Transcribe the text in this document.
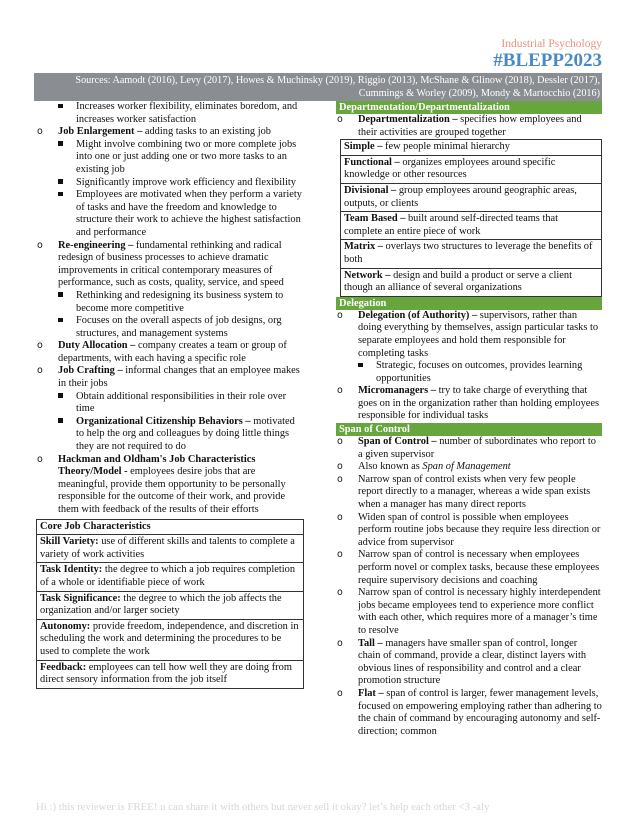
Industrial Psychology
#BLEPP2023
Sources: Aamodt (2016), Levy (2017), Howes & Muchinsky (2019), Riggio (2013), McShane & Glinow (2018), Dessler (2017), Cummings & Worley (2009), Mondy & Martocchio (2016)
Increases worker flexibility, eliminates boredom, and increases worker satisfaction
o Job Enlargement – adding tasks to an existing job
Might involve combining two or more complete jobs into one or just adding one or two more tasks to an existing job
Significantly improve work efficiency and flexibility
Employees are motivated when they perform a variety of tasks and have the freedom and knowledge to structure their work to achieve the highest satisfaction and performance
o Re-engineering – fundamental rethinking and radical redesign of business processes to achieve dramatic improvements in critical contemporary measures of performance, such as costs, quality, service, and speed
Rethinking and redesigning its business system to become more competitive
Focuses on the overall aspects of job designs, org structures, and management systems
o Duty Allocation – company creates a team or group of departments, with each having a specific role
o Job Crafting – informal changes that an employee makes in their jobs
Obtain additional responsibilities in their role over time
Organizational Citizenship Behaviors – motivated to help the org and colleagues by doing little things they are not required to do
o Hackman and Oldham's Job Characteristics Theory/Model - employees desire jobs that are meaningful, provide them opportunity to be personally responsible for the outcome of their work, and provide them with feedback of the results of their efforts
Core Job Characteristics
Skill Variety: use of different skills and talents to complete a variety of work activities
Task Identity: the degree to which a job requires completion of a whole or identifiable piece of work
Task Significance: the degree to which the job affects the organization and/or larger society
Autonomy: provide freedom, independence, and discretion in scheduling the work and determining the procedures to be used to complete the work
Feedback: employees can tell how well they are doing from direct sensory information from the job itself
Departmentation/Departmentalization
o Departmentalization – specifies how employees and their activities are grouped together
Simple – few people minimal hierarchy
Functional – organizes employees around specific knowledge or other resources
Divisional – group employees around geographic areas, outputs, or clients
Team Based – built around self-directed teams that complete an entire piece of work
Matrix – overlays two structures to leverage the benefits of both
Network – design and build a product or serve a client though an alliance of several organizations
Delegation
o Delegation (of Authority) – supervisors, rather than doing everything by themselves, assign particular tasks to separate employees and hold them responsible for completing tasks
Strategic, focuses on outcomes, provides learning opportunities
o Micromanagers – try to take charge of everything that goes on in the organization rather than holding employees responsible for individual tasks
Span of Control
o Span of Control – number of subordinates who report to a given supervisor
o Also known as Span of Management
o Narrow span of control exists when very few people report directly to a manager, whereas a wide span exists when a manager has many direct reports
o Widen span of control is possible when employees perform routine jobs because they require less direction or advice from supervisor
o Narrow span of control is necessary when employees perform novel or complex tasks, because these employees require supervisory decisions and coaching
o Narrow span of control is necessary highly interdependent jobs became employees tend to experience more conflict with each other, which requires more of a manager’s time to resolve
o Tall – managers have smaller span of control, longer chain of command, provide a clear, distinct layers with obvious lines of responsibility and control and a clear promotion structure
o Flat – span of control is larger, fewer management levels, focused on empowering employing rather than adhering to the chain of command by encouraging autonomy and self-direction; common
Hi :) this reviewer is FREE! u can share it with others but never sell it okay? let’s help each other <3 -aly
